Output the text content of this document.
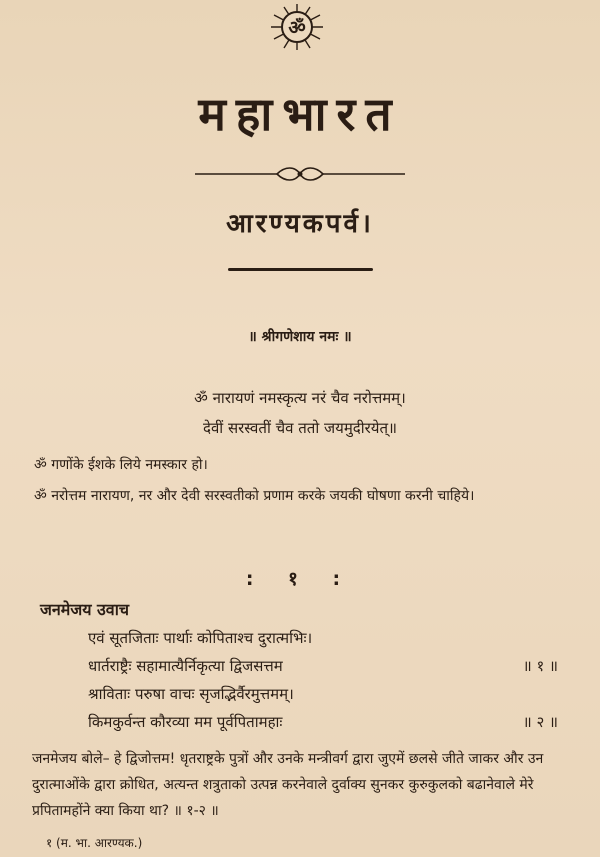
ॐ
महाभारत
आरण्यकपर्व।
॥ श्रीगणेशाय नमः ॥
ॐ नारायणं नमस्कृत्य नरं चैव नरोत्तमम्।
देवीं सरस्वतीं चैव ततो जयमुदीरयेत्॥
ॐ गणोंके ईशके लिये नमस्कार हो।
ॐ नरोत्तम नारायण, नर और देवी सरस्वतीको प्रणाम करके जयकी घोषणा करनी चाहिये।
: १ :
जनमेजय उवाच
एवं सूतजिताः पार्थाः कोपिताश्च दुरात्मभिः।
धार्तराष्ट्रैः सहामात्यैर्निकृत्या द्विजसत्तम	॥ १ ॥
श्राविताः परुषा वाचः सृजद्भिर्वैरमुत्तमम्।
किमकुर्वन्त कौरव्या मम पूर्वपितामहाः	॥ २ ॥
जनमेजय बोले– हे द्विजोत्तम! धृतराष्ट्रके पुत्रों और उनके मन्त्रीवर्ग द्वारा जुएमें छलसे जीते जाकर और उन दुरात्माओंके द्वारा क्रोधित, अत्यन्त शत्रुताको उत्पन्न करनेवाले दुर्वाक्य सुनकर कुरुकुलको बढानेवाले मेरे प्रपितामहोंने क्या किया था? ॥ १-२ ॥
१ (म. भा. आरण्यक.)
